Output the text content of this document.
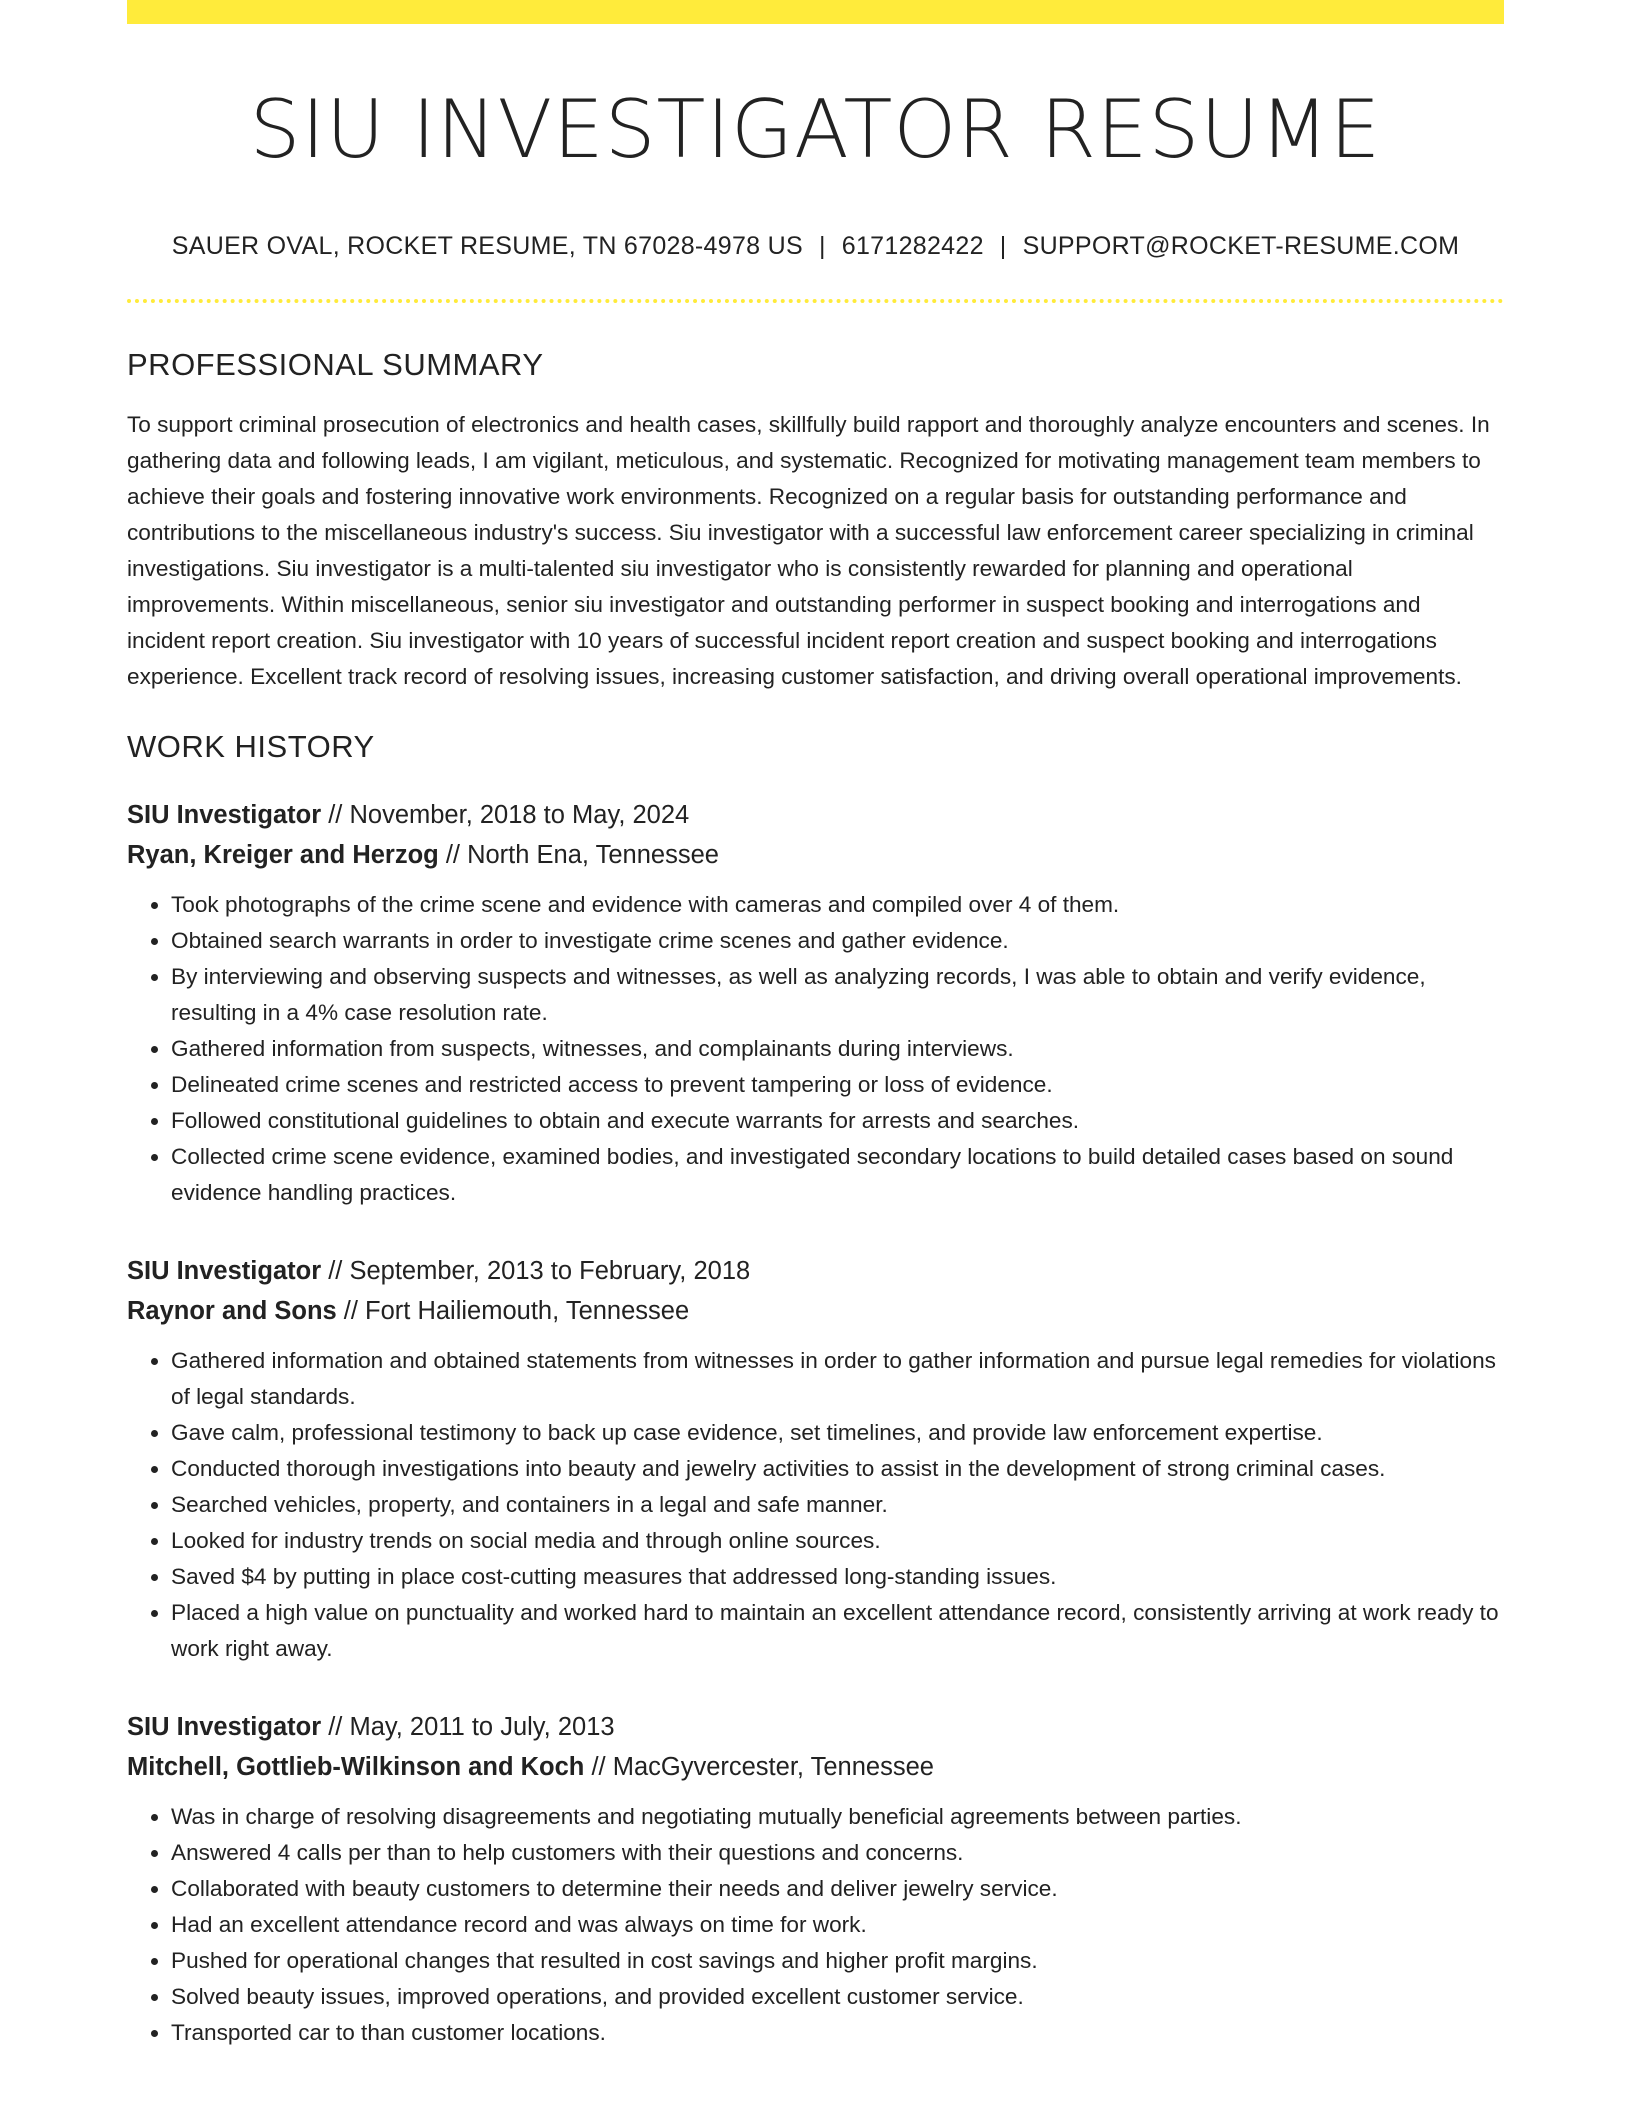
SIU INVESTIGATOR RESUME
SAUER OVAL, ROCKET RESUME, TN 67028-4978 US | 6171282422 | SUPPORT@ROCKET-RESUME.COM
PROFESSIONAL SUMMARY

To support criminal prosecution of electronics and health cases, skillfully build rapport and thoroughly analyze encounters and scenes. In gathering data and following leads, I am vigilant, meticulous, and systematic. Recognized for motivating management team members to achieve their goals and fostering innovative work environments. Recognized on a regular basis for outstanding performance and contributions to the miscellaneous industry's success. Siu investigator with a successful law enforcement career specializing in criminal investigations. Siu investigator is a multi-talented siu investigator who is consistently rewarded for planning and operational improvements. Within miscellaneous, senior siu investigator and outstanding performer in suspect booking and interrogations and incident report creation. Siu investigator with 10 years of successful incident report creation and suspect booking and interrogations experience. Excellent track record of resolving issues, increasing customer satisfaction, and driving overall operational improvements.

WORK HISTORY
SIU Investigator // November, 2018 to May, 2024
Ryan, Kreiger and Herzog // North Ena, Tennessee
• Took photographs of the crime scene and evidence with cameras and compiled over 4 of them.
• Obtained search warrants in order to investigate crime scenes and gather evidence.
• By interviewing and observing suspects and witnesses, as well as analyzing records, I was able to obtain and verify evidence, resulting in a 4% case resolution rate.
• Gathered information from suspects, witnesses, and complainants during interviews.
• Delineated crime scenes and restricted access to prevent tampering or loss of evidence.
• Followed constitutional guidelines to obtain and execute warrants for arrests and searches.
• Collected crime scene evidence, examined bodies, and investigated secondary locations to build detailed cases based on sound evidence handling practices.
SIU Investigator // September, 2013 to February, 2018
Raynor and Sons // Fort Hailiemouth, Tennessee
• Gathered information and obtained statements from witnesses in order to gather information and pursue legal remedies for violations of legal standards.
• Gave calm, professional testimony to back up case evidence, set timelines, and provide law enforcement expertise.
• Conducted thorough investigations into beauty and jewelry activities to assist in the development of strong criminal cases.
• Searched vehicles, property, and containers in a legal and safe manner.
• Looked for industry trends on social media and through online sources.
• Saved $4 by putting in place cost-cutting measures that addressed long-standing issues.
• Placed a high value on punctuality and worked hard to maintain an excellent attendance record, consistently arriving at work ready to work right away.
SIU Investigator // May, 2011 to July, 2013
Mitchell, Gottlieb-Wilkinson and Koch // MacGyvercester, Tennessee
• Was in charge of resolving disagreements and negotiating mutually beneficial agreements between parties.
• Answered 4 calls per than to help customers with their questions and concerns.
• Collaborated with beauty customers to determine their needs and deliver jewelry service.
• Had an excellent attendance record and was always on time for work.
• Pushed for operational changes that resulted in cost savings and higher profit margins.
• Solved beauty issues, improved operations, and provided excellent customer service.
• Transported car to than customer locations.
